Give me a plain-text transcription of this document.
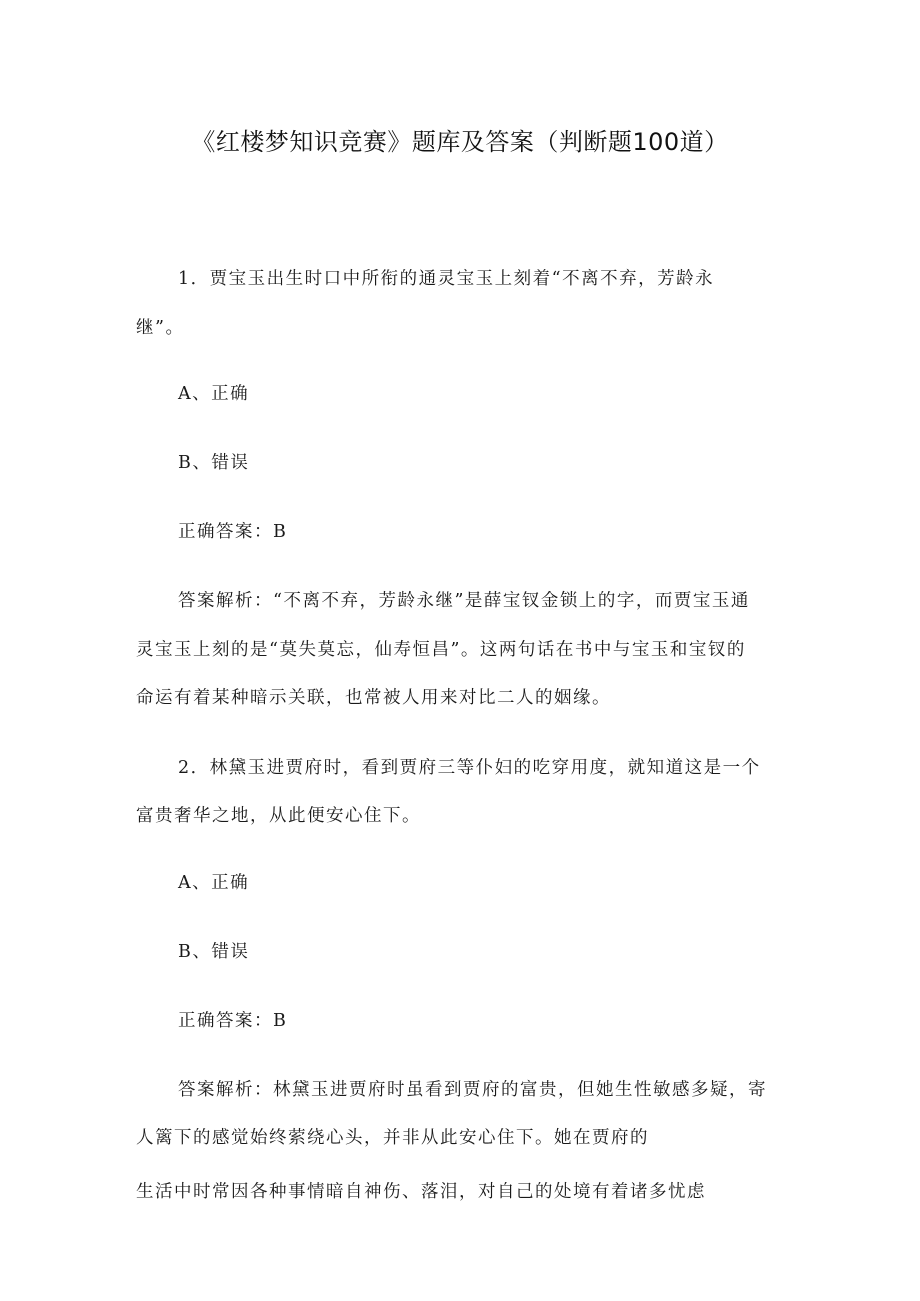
《红楼梦知识竞赛》题库及答案（判断题100道）
1．贾宝玉出生时口中所衔的通灵宝玉上刻着“不离不弃，芳龄永
继”。
A、正确
B、错误
正确答案：B
答案解析：“不离不弃，芳龄永继”是薛宝钗金锁上的字，而贾宝玉通
灵宝玉上刻的是“莫失莫忘，仙寿恒昌”。这两句话在书中与宝玉和宝钗的
命运有着某种暗示关联，也常被人用来对比二人的姻缘。
2．林黛玉进贾府时，看到贾府三等仆妇的吃穿用度，就知道这是一个
富贵奢华之地，从此便安心住下。
A、正确
B、错误
正确答案：B
答案解析：林黛玉进贾府时虽看到贾府的富贵，但她生性敏感多疑，寄
人篱下的感觉始终萦绕心头，并非从此安心住下。她在贾府的
生活中时常因各种事情暗自神伤、落泪，对自己的处境有着诸多忧虑
